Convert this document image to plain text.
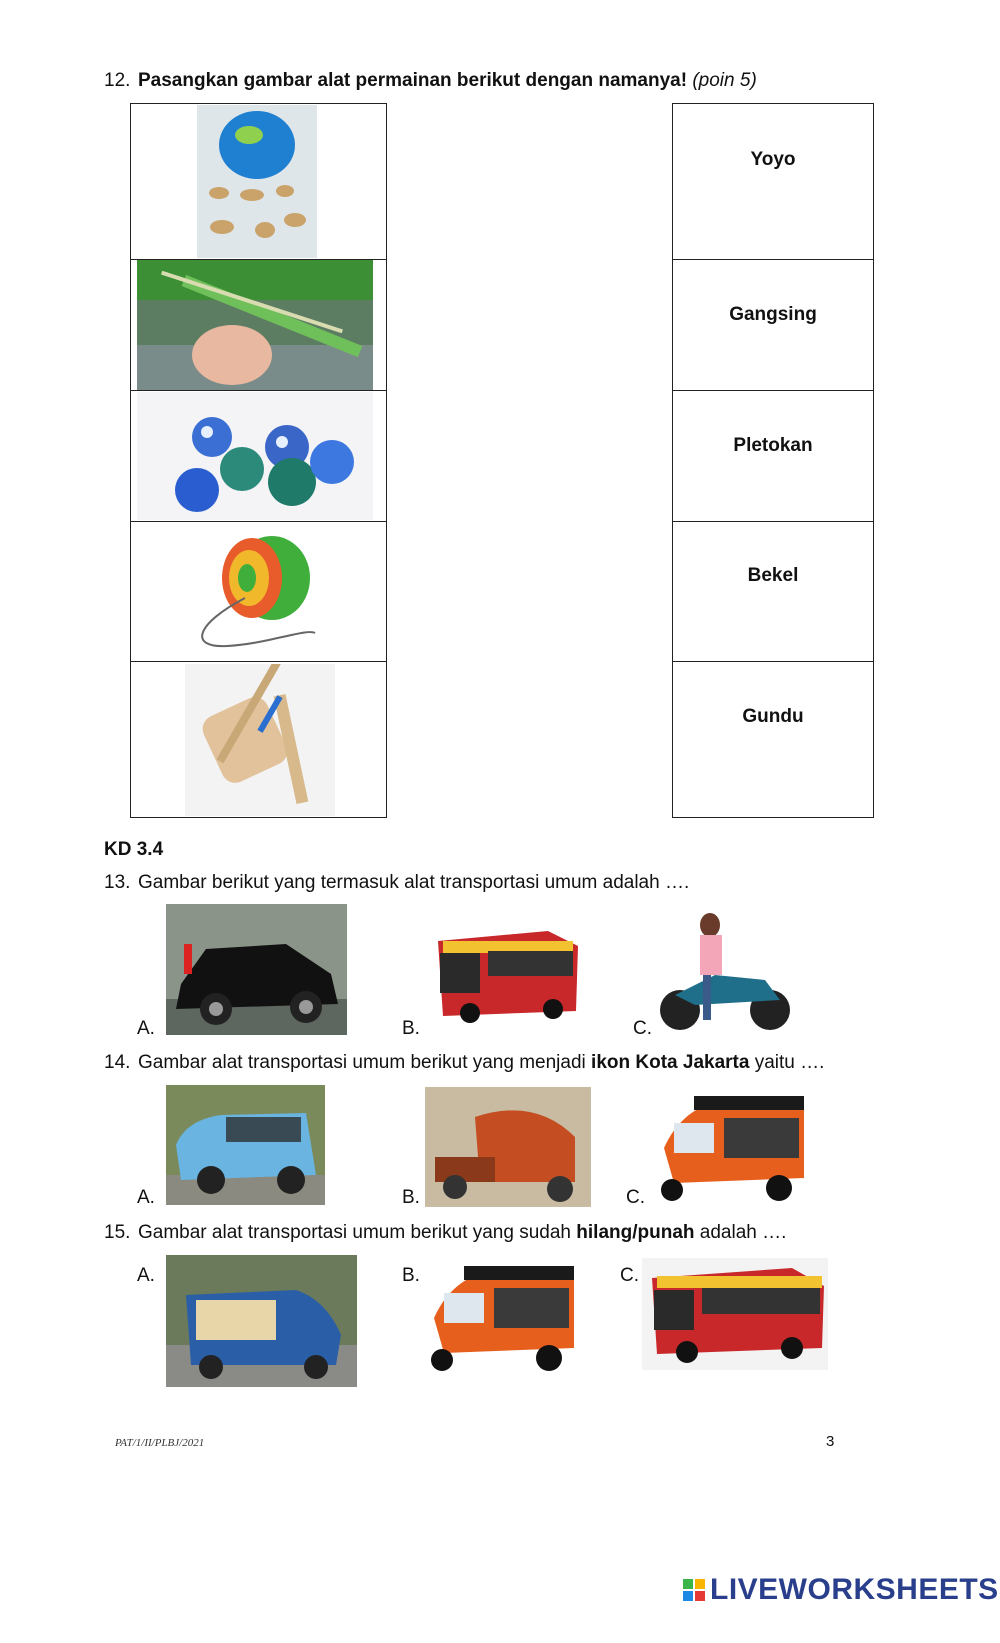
12. Pasangkan gambar alat permainan berikut dengan namanya! (poin 5)
Yoyo
Gangsing
Pletokan
Bekel
Gundu
KD 3.4
13. Gambar berikut yang termasuk alat transportasi umum adalah ….
A.	B.	C.
14. Gambar alat transportasi umum berikut yang menjadi ikon Kota Jakarta yaitu ….
A.	B.	C.
15. Gambar alat transportasi umum berikut yang sudah hilang/punah adalah ….
A.	B.	C.
PAT/1/II/PLBJ/2021	3
LIVEWORKSHEETS
